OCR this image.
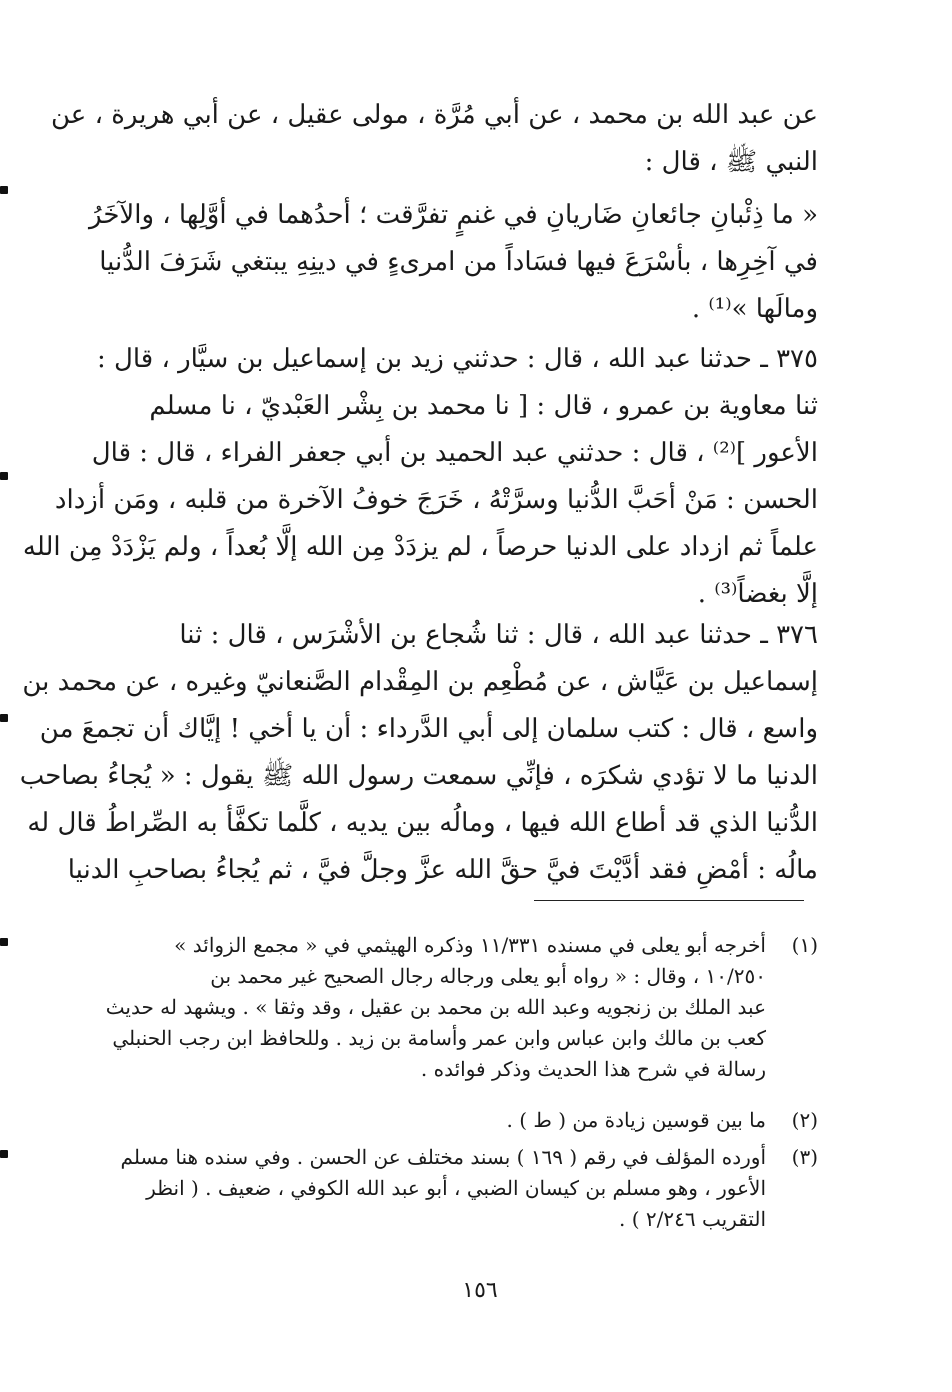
عن عبد الله بن محمد ، عن أبي مُرَّة ، مولى عقيل ، عن أبي هريرة ، عن
النبي ﷺ ، قال :
« ما ذِئْبانِ جائعانِ ضَاريانِ في غنمٍ تفرَّقت ؛ أحدُهما في أوَّلِها ، والآخَرُ
في آخِرِها ، بأسْرَعَ فيها فسَاداً من امرىءٍ في دينِهِ يبتغي شَرَفَ الدُّنيا
ومالَها »⁽¹⁾ .
٣٧٥ ـ حدثنا عبد الله ، قال : حدثني زيد بن إسماعيل بن سيَّار ، قال :
ثنا معاوية بن عمرو ، قال : [ نا محمد بن بِشْر العَبْديّ ، نا مسلم
الأعور ]⁽²⁾ ، قال : حدثني عبد الحميد بن أبي جعفر الفراء ، قال : قال
الحسن : مَنْ أحَبَّ الدُّنيا وسرَّتْهُ ، خَرَجَ خوفُ الآخرة من قلبه ، ومَن أزداد
علماً ثم ازداد على الدنيا حرصاً ، لم يزدَدْ مِن الله إلَّا بُعداً ، ولم يَزْدَدْ مِن الله
إلَّا بغضاً⁽³⁾ .
٣٧٦ ـ حدثنا عبد الله ، قال : ثنا شُجاع بن الأشْرَس ، قال : ثنا
إسماعيل بن عَيَّاش ، عن مُطْعِم بن المِقْدام الصَّنعانيّ وغيره ، عن محمد بن
واسع ، قال : كتب سلمان إلى أبي الدَّرداء : أن يا أخي ! إيَّاك أن تجمعَ من
الدنيا ما لا تؤدي شكرَه ، فإنِّي سمعت رسول الله ﷺ يقول : « يُجاءُ بصاحب
الدُّنيا الذي قد أطاع الله فيها ، ومالُه بين يديه ، كلَّما تكفَّأ به الصِّراطُ قال له
مالُه : أمْضِ فقد أدَّيْتَ فيَّ حقَّ الله عزَّ وجلَّ فيَّ ، ثم يُجاءُ بصاحبِ الدنيا
(١)
أخرجه أبو يعلى في مسنده ١١/٣٣١ وذكره الهيثمي في « مجمع الزوائد »
١٠/٢٥٠ ، وقال : « رواه أبو يعلى ورجاله رجال الصحيح غير محمد بن
عبد الملك بن زنجويه وعبد الله بن محمد بن عقيل ، وقد وثقا » . ويشهد له حديث
كعب بن مالك وابن عباس وابن عمر وأسامة بن زيد . وللحافظ ابن رجب الحنبلي
رسالة في شرح هذا الحديث وذكر فوائده .
(٢)
ما بين قوسين زيادة من ( ط ) .
(٣)
أورده المؤلف في رقم ( ١٦٩ ) بسند مختلف عن الحسن . وفي سنده هنا مسلم
الأعور ، وهو مسلم بن كيسان الضبي ، أبو عبد الله الكوفي ، ضعيف . ( انظر
التقريب ٢/٢٤٦ ) .
١٥٦
